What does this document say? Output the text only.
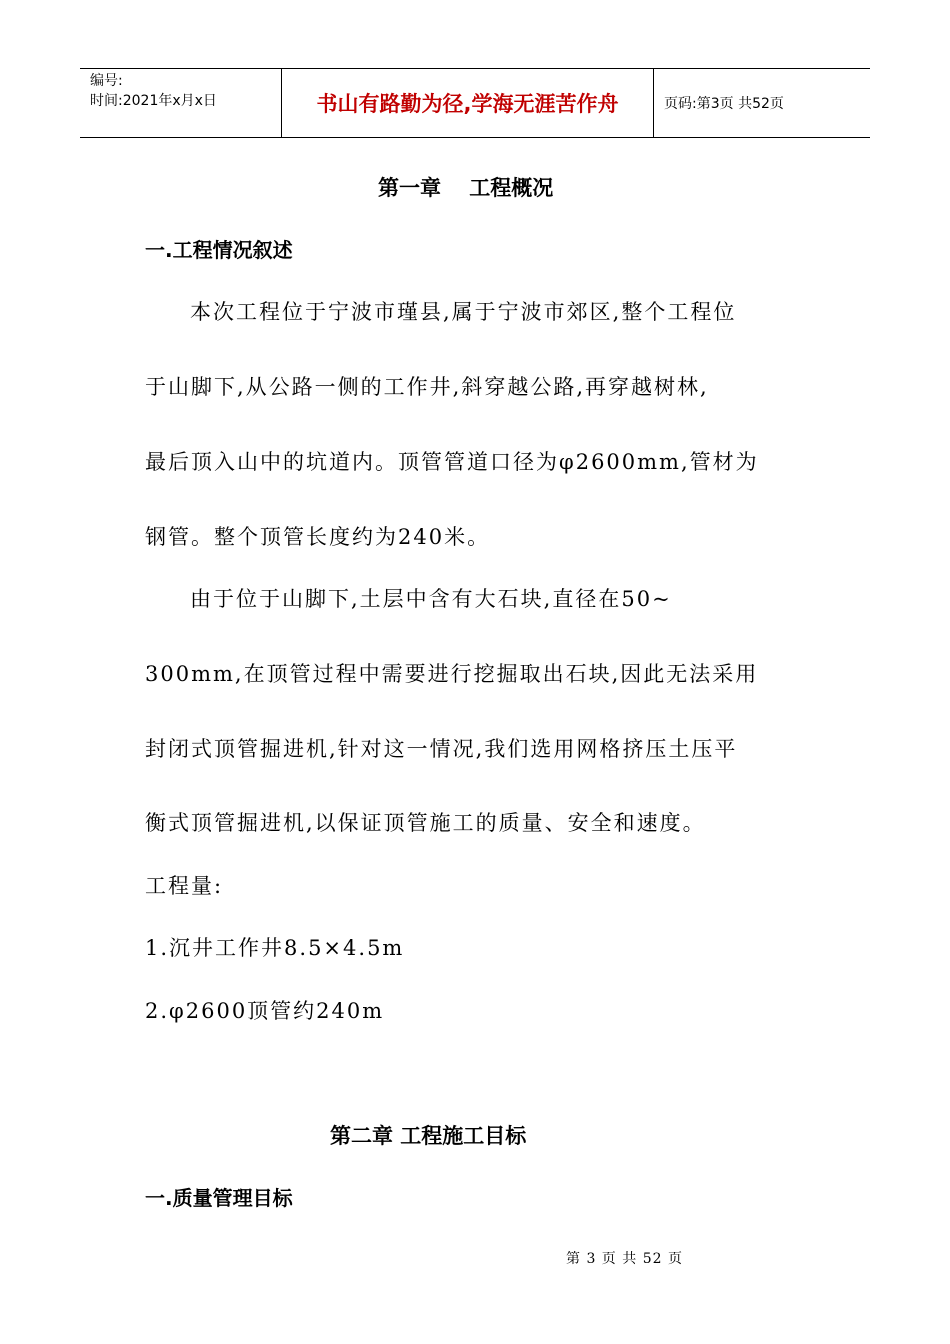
编号:
时间:2021年x月x日	书山有路勤为径,学海无涯苦作舟	页码:第3页 共52页
第一章　 工程概况
一.工程情况叙述
本次工程位于宁波市瑾县,属于宁波市郊区,整个工程位
于山脚下,从公路一侧的工作井,斜穿越公路,再穿越树林,
最后顶入山中的坑道内。顶管管道口径为φ2600mm,管材为
钢管。整个顶管长度约为240米。
由于位于山脚下,土层中含有大石块,直径在50~
300mm,在顶管过程中需要进行挖掘取出石块,因此无法采用
封闭式顶管掘进机,针对这一情况,我们选用网格挤压土压平
衡式顶管掘进机,以保证顶管施工的质量、安全和速度。
工程量:
1.沉井工作井8.5×4.5m
2.φ2600顶管约240m
第二章 工程施工目标
一.质量管理目标
第 3 页 共 52 页
